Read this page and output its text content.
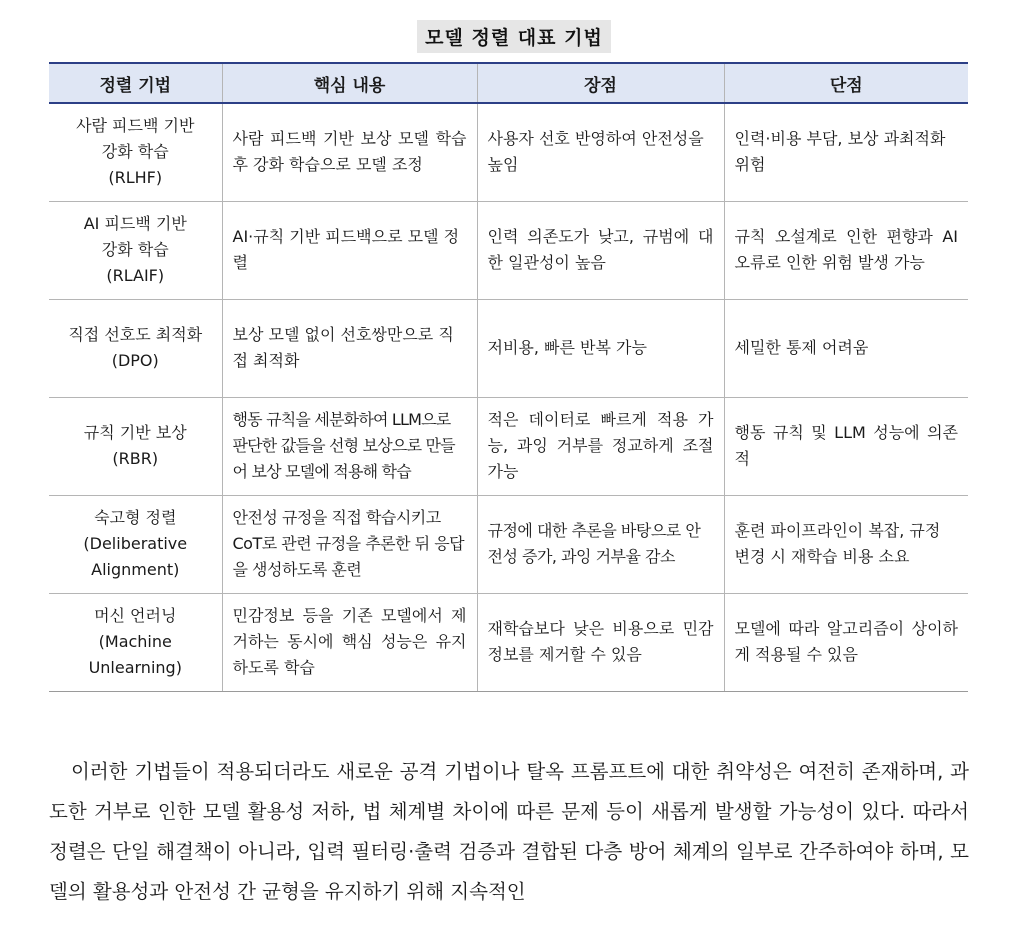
모델 정렬 대표 기법
정렬 기법	핵심 내용	장점	단점

사람 피드백 기반
강화 학습
(RLHF)	사람 피드백 기반 보상 모델 학습 후 강화 학습으로 모델 조정	사용자 선호 반영하여 안전성을 높임	인력·비용 부담, 보상 과최적화 위험

AI 피드백 기반
강화 학습
(RLAIF)	AI·규칙 기반 피드백으로 모델 정렬	인력 의존도가 낮고, 규범에 대한 일관성이 높음	규칙 오설계로 인한 편향과 AI 오류로 인한 위험 발생 가능

직접 선호도 최적화
(DPO)	보상 모델 없이 선호쌍만으로 직접 최적화	저비용, 빠른 반복 가능	세밀한 통제 어려움

규칙 기반 보상
(RBR)	행동 규칙을 세분화하여 LLM으로 판단한 값들을 선형 보상으로 만들어 보상 모델에 적용해 학습	적은 데이터로 빠르게 적용 가능, 과잉 거부를 정교하게 조절 가능	행동 규칙 및 LLM 성능에 의존적

숙고형 정렬
(Deliberative
Alignment)	안전성 규정을 직접 학습시키고 CoT로 관련 규정을 추론한 뒤 응답을 생성하도록 훈련	규정에 대한 추론을 바탕으로 안전성 증가, 과잉 거부율 감소	훈련 파이프라인이 복잡, 규정 변경 시 재학습 비용 소요

머신 언러닝
(Machine
Unlearning)	민감정보 등을 기존 모델에서 제거하는 동시에 핵심 성능은 유지하도록 학습	재학습보다 낮은 비용으로 민감정보를 제거할 수 있음	모델에 따라 알고리즘이 상이하게 적용될 수 있음
이러한 기법들이 적용되더라도 새로운 공격 기법이나 탈옥 프롬프트에 대한 취약성은 여전히 존재하며, 과도한 거부로 인한 모델 활용성 저하, 법 체계별 차이에 따른 문제 등이 새롭게 발생할 가능성이 있다. 따라서 정렬은 단일 해결책이 아니라, 입력 필터링·출력 검증과 결합된 다층 방어 체계의 일부로 간주하여야 하며, 모델의 활용성과 안전성 간 균형을 유지하기 위해 지속적인
